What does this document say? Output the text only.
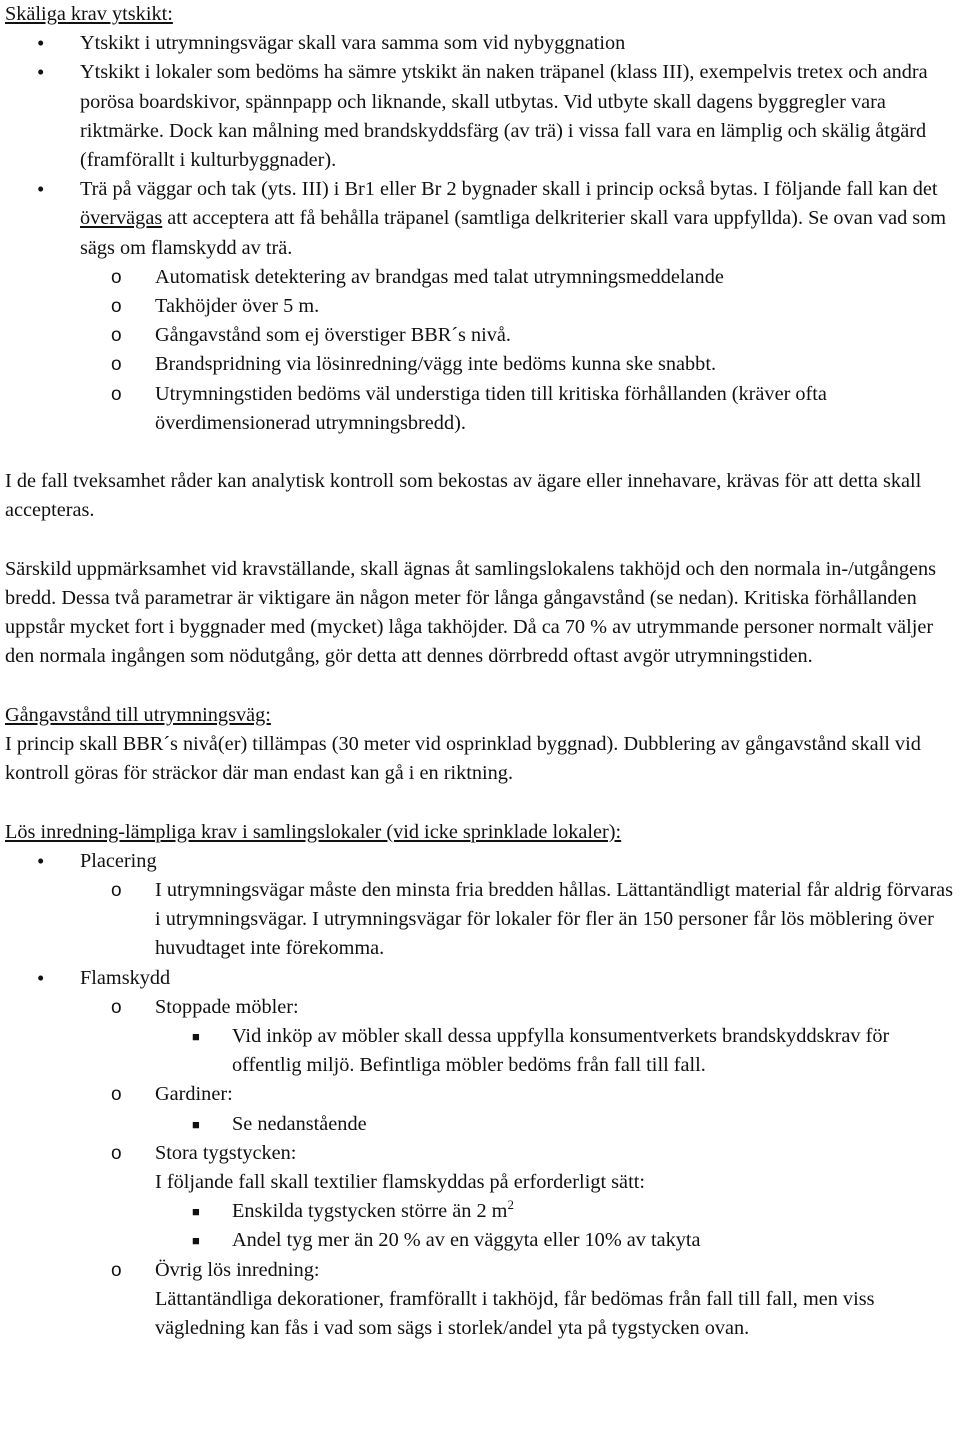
Skäliga krav ytskikt:

• Ytskikt i utrymningsvägar skall vara samma som vid nybyggnation
• Ytskikt i lokaler som bedöms ha sämre ytskikt än naken träpanel (klass III), exempelvis tretex och andra porösa boardskivor, spännpapp och liknande, skall utbytas. Vid utbyte skall dagens byggregler vara riktmärke. Dock kan målning med brandskyddsfärg (av trä) i vissa fall vara en lämplig och skälig åtgärd (framförallt i kulturbyggnader).
• Trä på väggar och tak (yts. III) i Br1 eller Br 2 bygnader skall i princip också bytas. I följande fall kan det övervägas att acceptera att få behålla träpanel (samtliga delkriterier skall vara uppfyllda). Se ovan vad som sägs om flamskydd av trä.
o Automatisk detektering av brandgas med talat utrymningsmeddelande
o Takhöjder över 5 m.
o Gångavstånd som ej överstiger BBR´s nivå.
o Brandspridning via lösinredning/vägg inte bedöms kunna ske snabbt.
o Utrymningstiden bedöms väl understiga tiden till kritiska förhållanden (kräver ofta överdimensionerad utrymningsbredd).

I de fall tveksamhet råder kan analytisk kontroll som bekostas av ägare eller innehavare, krävas för att detta skall accepteras.

Särskild uppmärksamhet vid kravställande, skall ägnas åt samlingslokalens takhöjd och den normala in-/utgångens bredd. Dessa två parametrar är viktigare än någon meter för långa gångavstånd (se nedan). Kritiska förhållanden uppstår mycket fort i byggnader med (mycket) låga takhöjder. Då ca 70 % av utrymmande personer normalt väljer den normala ingången som nödutgång, gör detta att dennes dörrbredd oftast avgör utrymningstiden.

Gångavstånd till utrymningsväg:

I princip skall BBR´s nivå(er) tillämpas (30 meter vid osprinklad byggnad). Dubblering av gångavstånd skall vid kontroll göras för sträckor där man endast kan gå i en riktning.

Lös inredning-lämpliga krav i samlingslokaler (vid icke sprinklade lokaler):

• Placering
o I utrymningsvägar måste den minsta fria bredden hållas. Lättantändligt material får aldrig förvaras i utrymningsvägar. I utrymningsvägar för lokaler för fler än 150 personer får lös möblering över huvudtaget inte förekomma.
• Flamskydd
o Stoppade möbler:
■ Vid inköp av möbler skall dessa uppfylla konsumentverkets brandskyddskrav för offentlig miljö. Befintliga möbler bedöms från fall till fall.
o Gardiner:
■ Se nedanstående
o Stora tygstycken:

I följande fall skall textilier flamskyddas på erforderligt sätt:

■ Enskilda tygstycken större än 2 $m^2$
■ Andel tyg mer än 20 % av en väggyta eller 10% av takyta
o Övrig lös inredning:

Lättantändliga dekorationer, framförallt i takhöjd, får bedömas från fall till fall, men viss vägledning kan fås i vad som sägs i storlek/andel yta på tygstycken ovan.
